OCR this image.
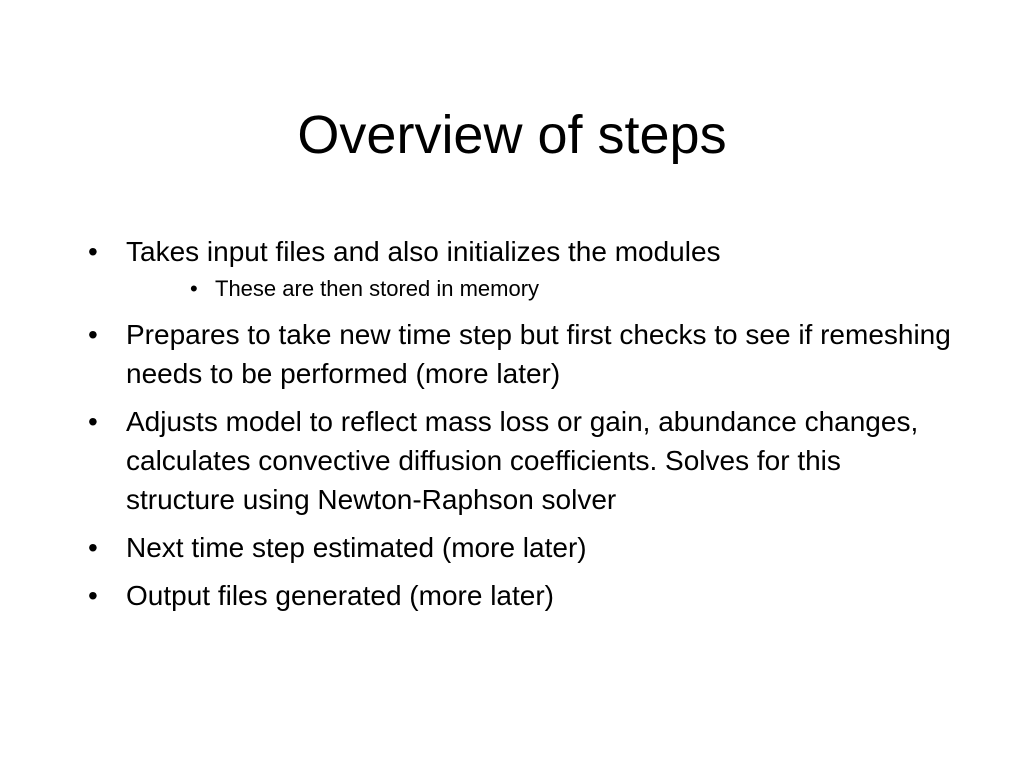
Overview of steps
• Takes input files and also initializes the modules
• These are then stored in memory
• Prepares to take new time step but first checks to see if remeshing needs to be performed (more later)
• Adjusts model to reflect mass loss or gain, abundance changes, calculates convective diffusion coefficients. Solves for this structure using Newton-Raphson solver
• Next time step estimated (more later)
• Output files generated (more later)
